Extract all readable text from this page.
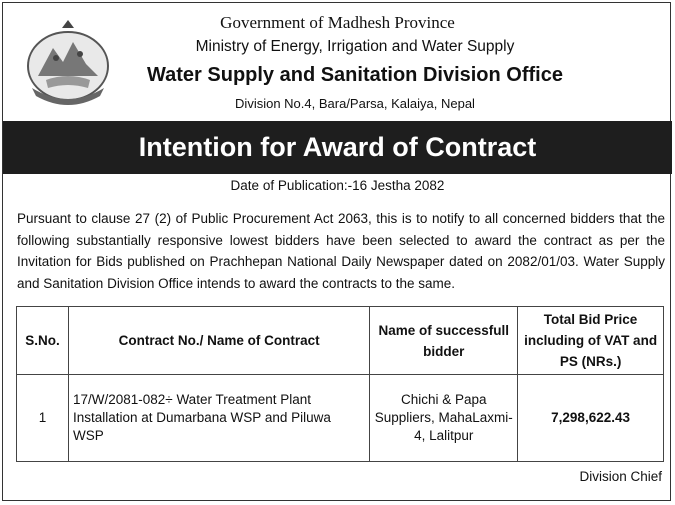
Government of Madhesh Province
Ministry of Energy, Irrigation and Water Supply
Water Supply and Sanitation Division Office
Division No.4, Bara/Parsa, Kalaiya, Nepal
Intention for Award of Contract
Date of Publication:-16 Jestha 2082
Pursuant to clause 27 (2) of Public Procurement Act 2063, this is to notify to all concerned bidders that the following substantially responsive lowest bidders have been selected to award the contract as per the Invitation for Bids published on Prachhepan National Daily Newspaper dated on 2082/01/03. Water Supply and Sanitation Division Office intends to award the contracts to the same.
S.No.	Contract No./ Name of Contract	Name of successfull bidder	Total Bid Price including of VAT and PS (NRs.)
1	17/W/2081-082÷ Water Treatment Plant Installation at Dumarbana WSP and Piluwa WSP	Chichi & Papa Suppliers, MahaLaxmi-4, Lalitpur	7,298,622.43
Division Chief
